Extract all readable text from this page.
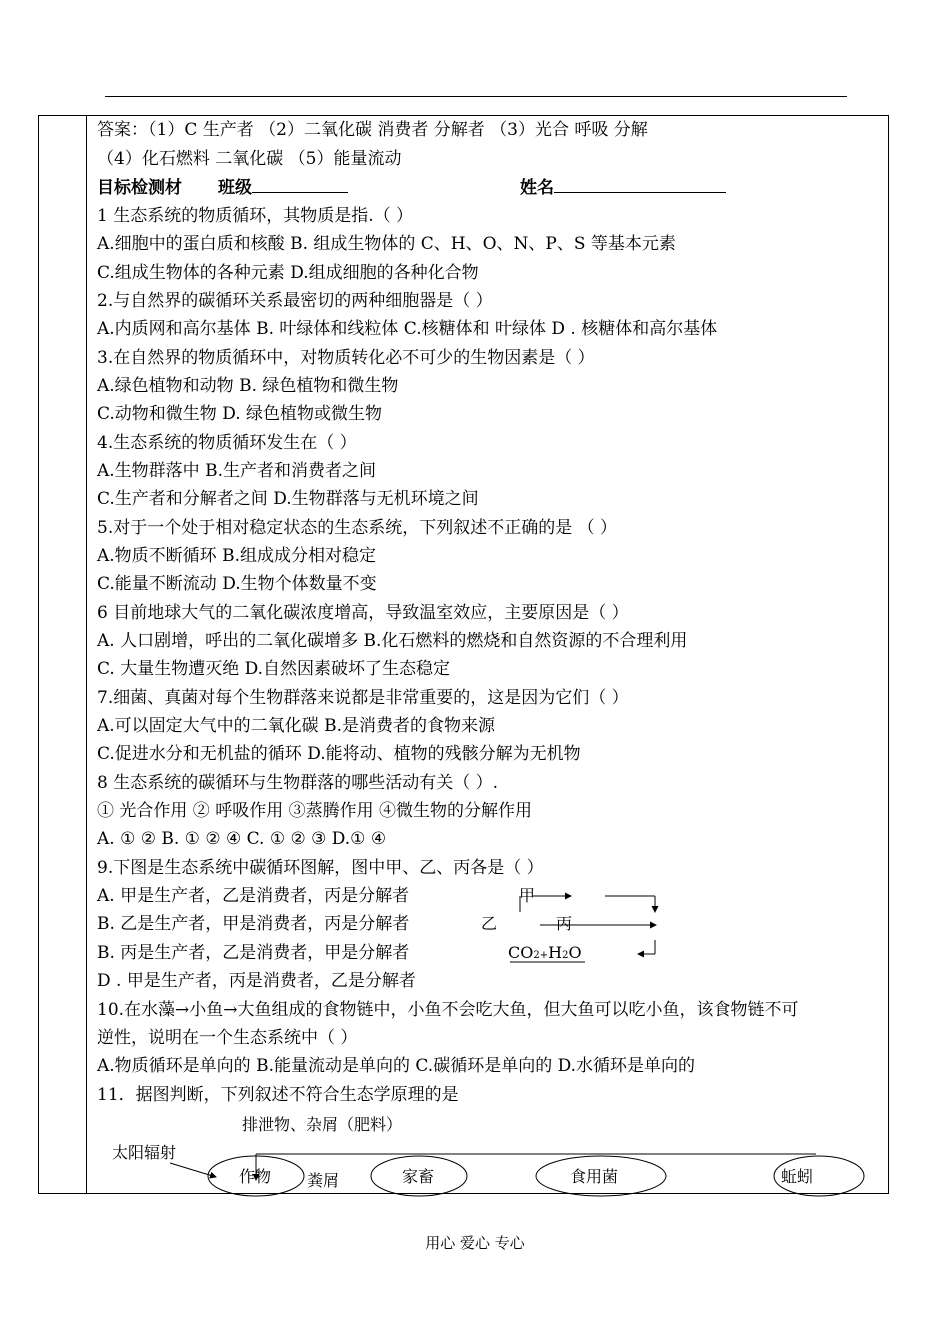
答案：（1）C 生产者 （2）二氧化碳 消费者 分解者 （3）光合 呼吸 分解
（4）化石燃料 二氧化碳 （5）能量流动
目标检测材 班级	姓名
1 生态系统的物质循环，其物质是指.（ ）
A.细胞中的蛋白质和核酸 B. 组成生物体的 C、H、O、N、P、S 等基本元素
C.组成生物体的各种元素 D.组成细胞的各种化合物
2.与自然界的碳循环关系最密切的两种细胞器是（ ）
A.内质网和高尔基体 B. 叶绿体和线粒体 C.核糖体和 叶绿体 D . 核糖体和高尔基体
3.在自然界的物质循环中，对物质转化必不可少的生物因素是（ ）
A.绿色植物和动物 B. 绿色植物和微生物
C.动物和微生物 D. 绿色植物或微生物
4.生态系统的物质循环发生在（ ）
A.生物群落中 B.生产者和消费者之间
C.生产者和分解者之间 D.生物群落与无机环境之间
5.对于一个处于相对稳定状态的生态系统，下列叙述不正确的是 （ ）
A.物质不断循环 B.组成成分相对稳定
C.能量不断流动 D.生物个体数量不变
6 目前地球大气的二氧化碳浓度增高，导致温室效应，主要原因是（ ）
A. 人口剧增，呼出的二氧化碳增多 B.化石燃料的燃烧和自然资源的不合理利用
C. 大量生物遭灭绝 D.自然因素破坏了生态稳定
7.细菌、真菌对每个生物群落来说都是非常重要的，这是因为它们（ ）
A.可以固定大气中的二氧化碳 B.是消费者的食物来源
C.促进水分和无机盐的循环 D.能将动、植物的残骸分解为无机物
8 生态系统的碳循环与生物群落的哪些活动有关（ ）.
① 光合作用 ② 呼吸作用 ③蒸腾作用 ④微生物的分解作用
A. ① ② B. ① ② ④ C. ① ② ③ D.① ④
9.下图是生态系统中碳循环图解，图中甲、乙、丙各是（ ）
A. 甲是生产者，乙是消费者，丙是分解者
B. 乙是生产者，甲是消费者，丙是分解者
B. 丙是生产者，乙是消费者，甲是分解者
D . 甲是生产者，丙是消费者，乙是分解者
10.在水藻→小鱼→大鱼组成的食物链中，小鱼不会吃大鱼，但大鱼可以吃小鱼，该食物链不可
逆性，说明在一个生态系统中（ ）
A.物质循环是单向的 B.能量流动是单向的 C.碳循环是单向的 D.水循环是单向的
11．据图判断，下列叙述不符合生态学原理的是
甲
乙	丙
CO2+H2O
排泄物、杂屑（肥料）
太阳辐射
作物 粪屑	家畜	食用菌	蚯蚓
用心 爱心 专心
